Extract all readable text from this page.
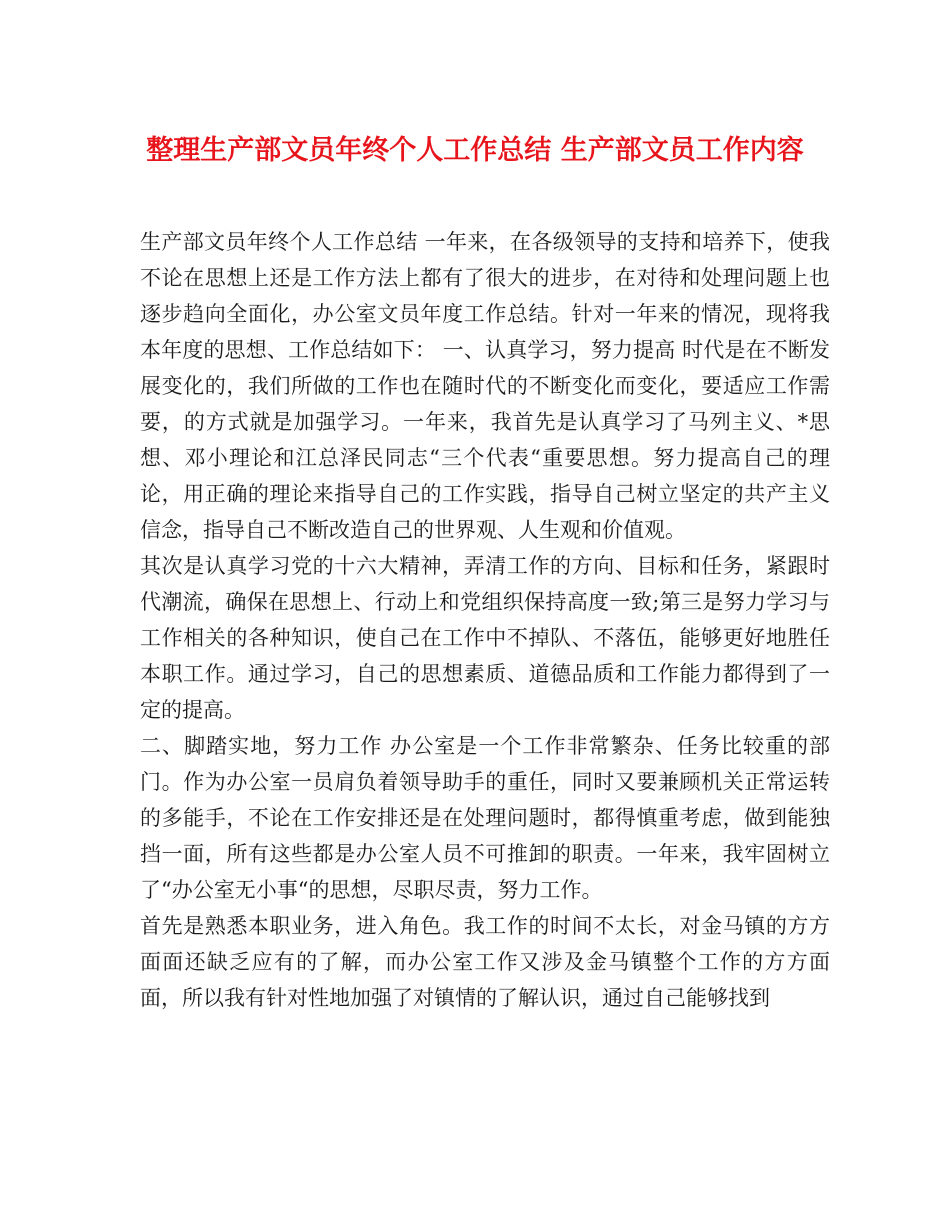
整理生产部文员年终个人工作总结 生产部文员工作内容

生产部文员年终个人工作总结 一年来，在各级领导的支持和培养下，使我不论在思想上还是工作方法上都有了很大的进步，在对待和处理问题上也逐步趋向全面化，办公室文员年度工作总结。针对一年来的情况，现将我本年度的思想、工作总结如下： 一、认真学习，努力提高 时代是在不断发展变化的，我们所做的工作也在随时代的不断变化而变化，要适应工作需要，的方式就是加强学习。一年来，我首先是认真学习了马列主义、*思想、邓小理论和江总泽民同志“三个代表“重要思想。努力提高自己的理论，用正确的理论来指导自己的工作实践，指导自己树立坚定的共产主义信念，指导自己不断改造自己的世界观、人生观和价值观。

其次是认真学习党的十六大精神，弄清工作的方向、目标和任务，紧跟时代潮流，确保在思想上、行动上和党组织保持高度一致;第三是努力学习与工作相关的各种知识，使自己在工作中不掉队、不落伍，能够更好地胜任本职工作。通过学习，自己的思想素质、道德品质和工作能力都得到了一定的提高。

二、脚踏实地，努力工作 办公室是一个工作非常繁杂、任务比较重的部门。作为办公室一员肩负着领导助手的重任，同时又要兼顾机关正常运转的多能手，不论在工作安排还是在处理问题时，都得慎重考虑，做到能独挡一面，所有这些都是办公室人员不可推卸的职责。一年来，我牢固树立了“办公室无小事“的思想，尽职尽责，努力工作。

首先是熟悉本职业务，进入角色。我工作的时间不太长，对金马镇的方方面面还缺乏应有的了解，而办公室工作又涉及金马镇整个工作的方方面面，所以我有针对性地加强了对镇情的了解认识，通过自己能够找到
